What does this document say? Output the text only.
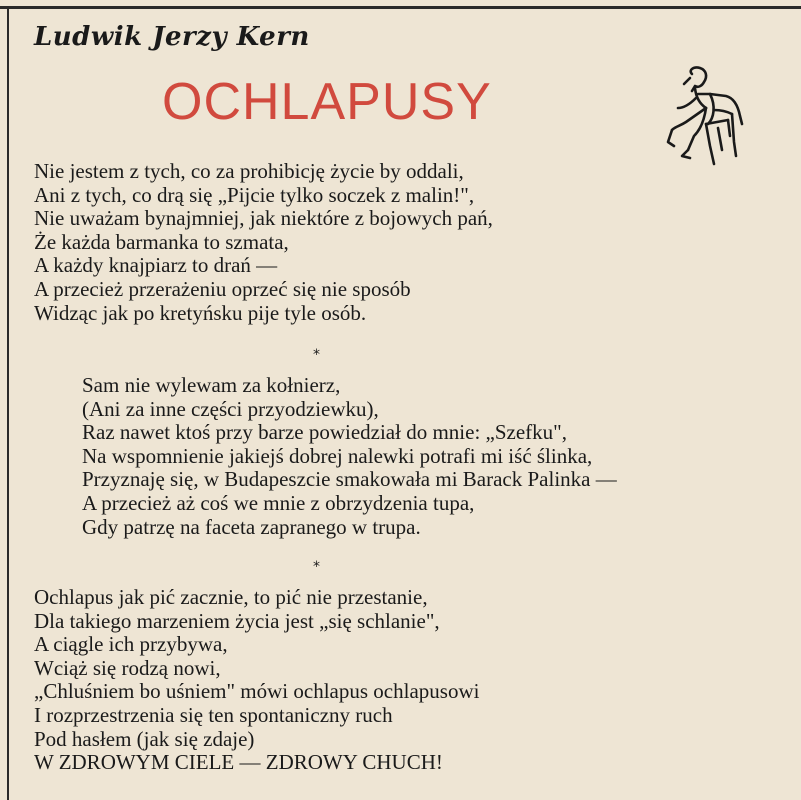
Ludwik Jerzy Kern
OCHLAPUSY
Nie jestem z tych, co za prohibicję życie by oddali,
Ani z tych, co drą się „Pijcie tylko soczek z malin!",
Nie uważam bynajmniej, jak niektóre z bojowych pań,
Że każda barmanka to szmata,
A każdy knajpiarz to drań —
A przecież przerażeniu oprzeć się nie sposób
Widząc jak po kretyńsku pije tyle osób.
*
Sam nie wylewam za kołnierz,
(Ani za inne części przyodziewku),
Raz nawet ktoś przy barze powiedział do mnie: „Szefku",
Na wspomnienie jakiejś dobrej nalewki potrafi mi iść ślinka,
Przyznaję się, w Budapeszcie smakowała mi Barack Palinka —
A przecież aż coś we mnie z obrzydzenia tupa,
Gdy patrzę na faceta zapranego w trupa.
*
Ochlapus jak pić zacznie, to pić nie przestanie,
Dla takiego marzeniem życia jest „się schlanie",
A ciągle ich przybywa,
Wciąż się rodzą nowi,
„Chluśniem bo uśniem" mówi ochlapus ochlapusowi
I rozprzestrzenia się ten spontaniczny ruch
Pod hasłem (jak się zdaje)
W ZDROWYM CIELE — ZDROWY CHUCH!
